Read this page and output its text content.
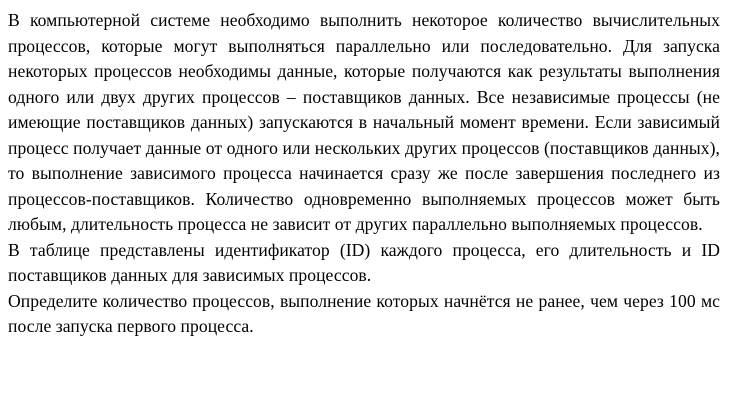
В компьютерной системе необходимо выполнить некоторое количество вычислительных процессов, которые могут выполняться параллельно или последовательно. Для запуска некоторых процессов необходимы данные, которые получаются как результаты выполнения одного или двух других процессов – поставщиков данных. Все независимые процессы (не имеющие поставщиков данных) запускаются в начальный момент времени. Если зависимый процесс получает данные от одного или нескольких других процессов (поставщиков данных), то выполнение зависимого процесса начинается сразу же после завершения последнего из процессов-поставщиков. Количество одновременно выполняемых процессов может быть любым, длительность процесса не зависит от других параллельно выполняемых процессов.

В таблице представлены идентификатор (ID) каждого процесса, его длительность и ID поставщиков данных для зависимых процессов.

Определите количество процессов, выполнение которых начнётся не ранее, чем через 100 мс после запуска первого процесса.
